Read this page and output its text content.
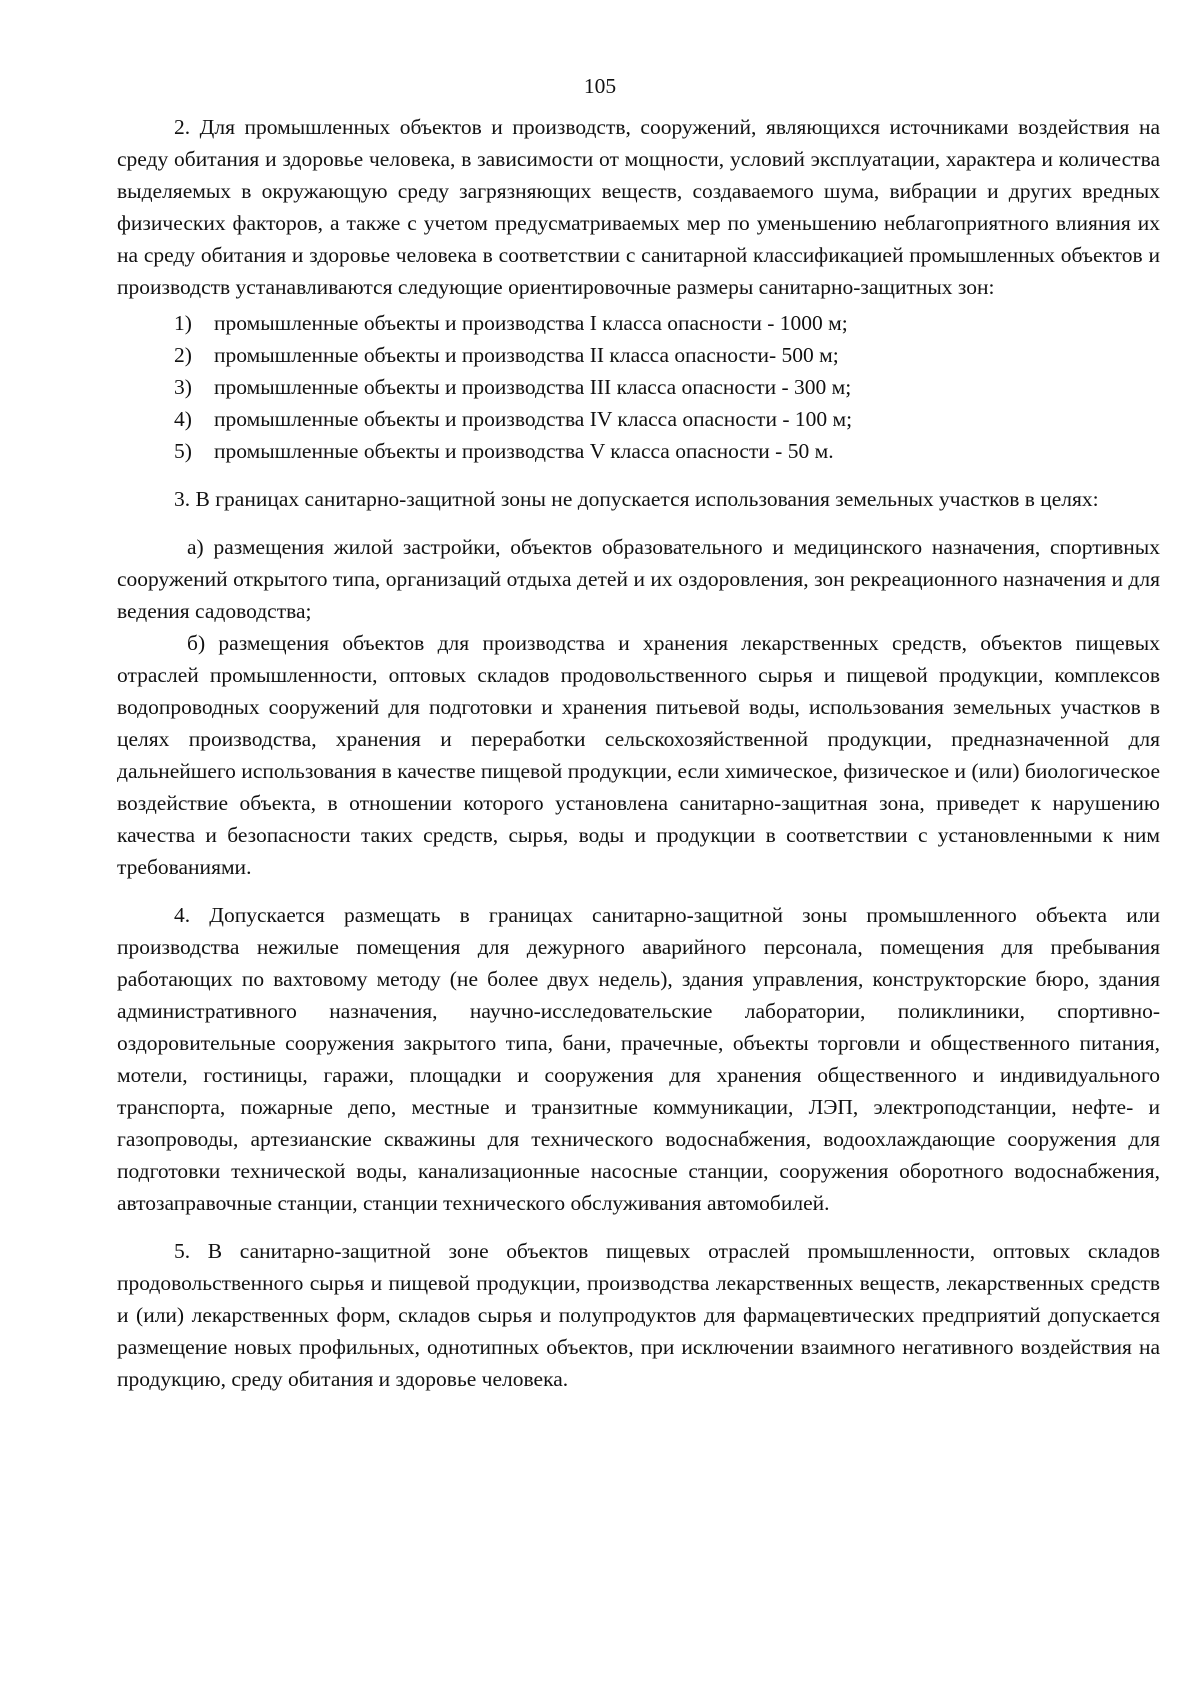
105

2. Для промышленных объектов и производств, сооружений, являющихся источниками воздействия на среду обитания и здоровье человека, в зависимости от мощности, условий эксплуатации, характера и количества выделяемых в окружающую среду загрязняющих веществ, создаваемого шума, вибрации и других вредных физических факторов, а также с учетом предусматриваемых мер по уменьшению неблагоприятного влияния их на среду обитания и здоровье человека в соответствии с санитарной классификацией промышленных объектов и производств устанавливаются следующие ориентировочные размеры санитарно-защитных зон:

1)	промышленные объекты и производства I класса опасности - 1000 м;
2)	промышленные объекты и производства II класса опасности- 500 м;
3)	промышленные объекты и производства III класса опасности - 300 м;
4)	промышленные объекты и производства IV класса опасности - 100 м;
5)	промышленные объекты и производства V класса опасности - 50 м.

3. В границах санитарно-защитной зоны не допускается использования земельных участков в целях:

а) размещения жилой застройки, объектов образовательного и медицинского назначения, спортивных сооружений открытого типа, организаций отдыха детей и их оздоровления, зон рекреационного назначения и для ведения садоводства;

б) размещения объектов для производства и хранения лекарственных средств, объектов пищевых отраслей промышленности, оптовых складов продовольственного сырья и пищевой продукции, комплексов водопроводных сооружений для подготовки и хранения питьевой воды, использования земельных участков в целях производства, хранения и переработки сельскохозяйственной продукции, предназначенной для дальнейшего использования в качестве пищевой продукции, если химическое, физическое и (или) биологическое воздействие объекта, в отношении которого установлена санитарно-защитная зона, приведет к нарушению качества и безопасности таких средств, сырья, воды и продукции в соответствии с установленными к ним требованиями.

4. Допускается размещать в границах санитарно-защитной зоны промышленного объекта или производства нежилые помещения для дежурного аварийного персонала, помещения для пребывания работающих по вахтовому методу (не более двух недель), здания управления, конструкторские бюро, здания административного назначения, научно-исследовательские лаборатории, поликлиники, спортивно-оздоровительные сооружения закрытого типа, бани, прачечные, объекты торговли и общественного питания, мотели, гостиницы, гаражи, площадки и сооружения для хранения общественного и индивидуального транспорта, пожарные депо, местные и транзитные коммуникации, ЛЭП, электроподстанции, нефте- и газопроводы, артезианские скважины для технического водоснабжения, водоохлаждающие сооружения для подготовки технической воды, канализационные насосные станции, сооружения оборотного водоснабжения, автозаправочные станции, станции технического обслуживания автомобилей.

5. В санитарно-защитной зоне объектов пищевых отраслей промышленности, оптовых складов продовольственного сырья и пищевой продукции, производства лекарственных веществ, лекарственных средств и (или) лекарственных форм, складов сырья и полупродуктов для фармацевтических предприятий допускается размещение новых профильных, однотипных объектов, при исключении взаимного негативного воздействия на продукцию, среду обитания и здоровье человека.
